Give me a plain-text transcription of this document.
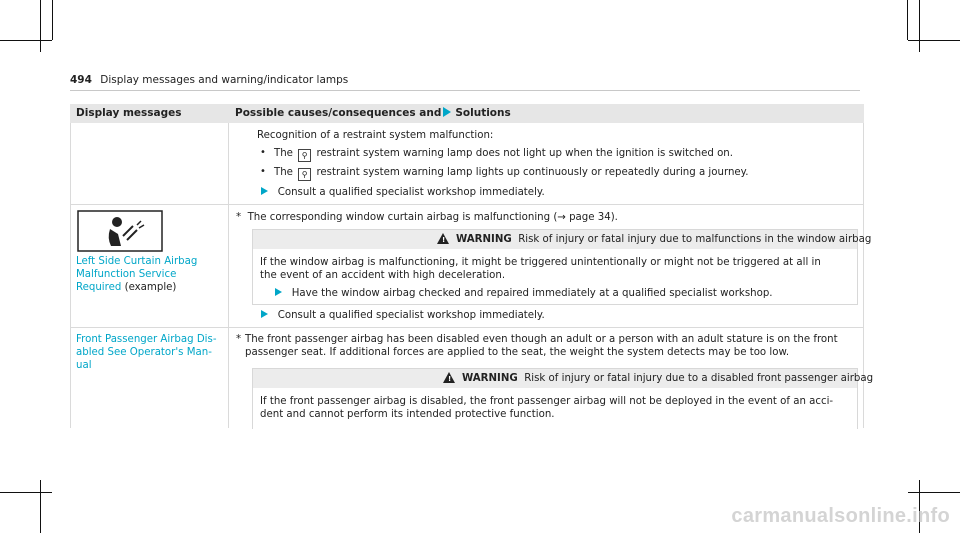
494 Display messages and warning/indicator lamps
Display messages	Possible causes/consequences and Solutions
Recognition of a restraint system malfunction:
• The ⚲ restraint system warning lamp does not light up when the ignition is switched on.
• The ⚲ restraint system warning lamp lights up continuously or repeatedly during a journey.
Consult a qualified specialist workshop immediately.
Left Side Curtain Airbag
Malfunction Service
Required (example)
* The corresponding window curtain airbag is malfunctioning (→ page 34).
! WARNING Risk of injury or fatal injury due to malfunctions in the window airbag
If the window airbag is malfunctioning, it might be triggered unintentionally or might not be triggered at all in
the event of an accident with high deceleration.
Have the window airbag checked and repaired immediately at a qualified specialist workshop.
Consult a qualified specialist workshop immediately.
Front Passenger Airbag Dis-
abled See Operator's Man-
ual
* The front passenger airbag has been disabled even though an adult or a person with an adult stature is on the front
passenger seat. If additional forces are applied to the seat, the weight the system detects may be too low.
! WARNING Risk of injury or fatal injury due to a disabled front passenger airbag
If the front passenger airbag is disabled, the front passenger airbag will not be deployed in the event of an acci-
dent and cannot perform its intended protective function.
carmanualsonline.info
